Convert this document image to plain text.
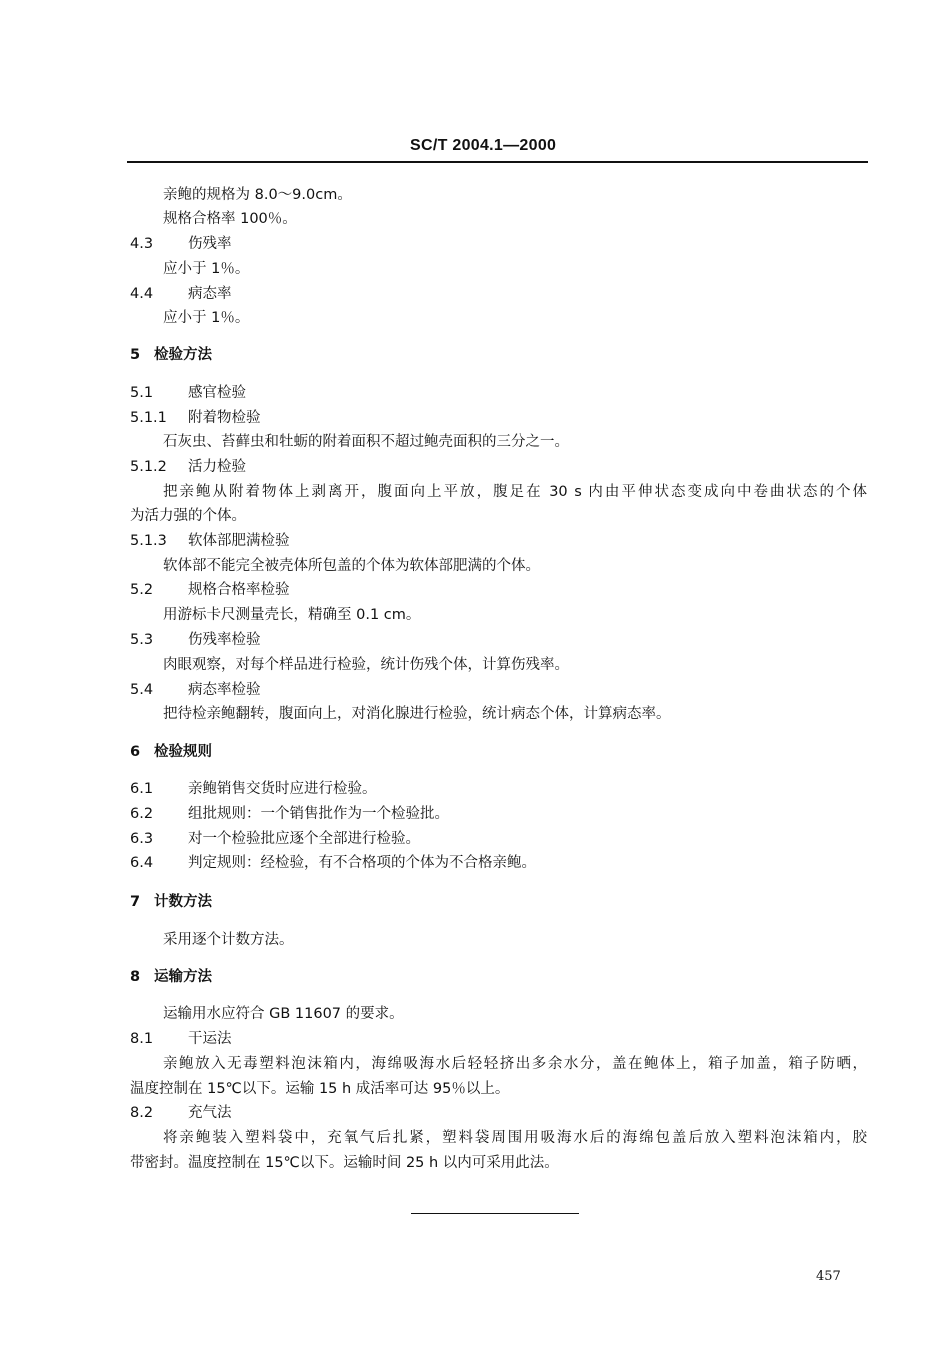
SC/T 2004.1—2000
亲鲍的规格为 8.0～9.0cm。
规格合格率 100％。
4.3 伤残率
应小于 1％。
4.4 病态率
应小于 1％。
5 检验方法
5.1 感官检验
5.1.1 附着物检验
石灰虫、苔藓虫和牡蛎的附着面积不超过鲍壳面积的三分之一。
5.1.2 活力检验
把亲鲍从附着物体上剥离开，腹面向上平放，腹足在 30 s 内由平伸状态变成向中卷曲状态的个体
为活力强的个体。
5.1.3 软体部肥满检验
软体部不能完全被壳体所包盖的个体为软体部肥满的个体。
5.2 规格合格率检验
用游标卡尺测量壳长，精确至 0.1 cm。
5.3 伤残率检验
肉眼观察，对每个样品进行检验，统计伤残个体，计算伤残率。
5.4 病态率检验
把待检亲鲍翻转，腹面向上，对消化腺进行检验，统计病态个体，计算病态率。
6 检验规则
6.1 亲鲍销售交货时应进行检验。
6.2 组批规则：一个销售批作为一个检验批。
6.3 对一个检验批应逐个全部进行检验。
6.4 判定规则：经检验，有不合格项的个体为不合格亲鲍。
7 计数方法
采用逐个计数方法。
8 运输方法
运输用水应符合 GB 11607 的要求。
8.1 干运法
亲鲍放入无毒塑料泡沫箱内，海绵吸海水后轻轻挤出多余水分，盖在鲍体上，箱子加盖，箱子防晒，
温度控制在 15℃以下。运输 15 h 成活率可达 95％以上。
8.2 充气法
将亲鲍装入塑料袋中，充氧气后扎紧，塑料袋周围用吸海水后的海绵包盖后放入塑料泡沫箱内，胶
带密封。温度控制在 15℃以下。运输时间 25 h 以内可采用此法。
457
